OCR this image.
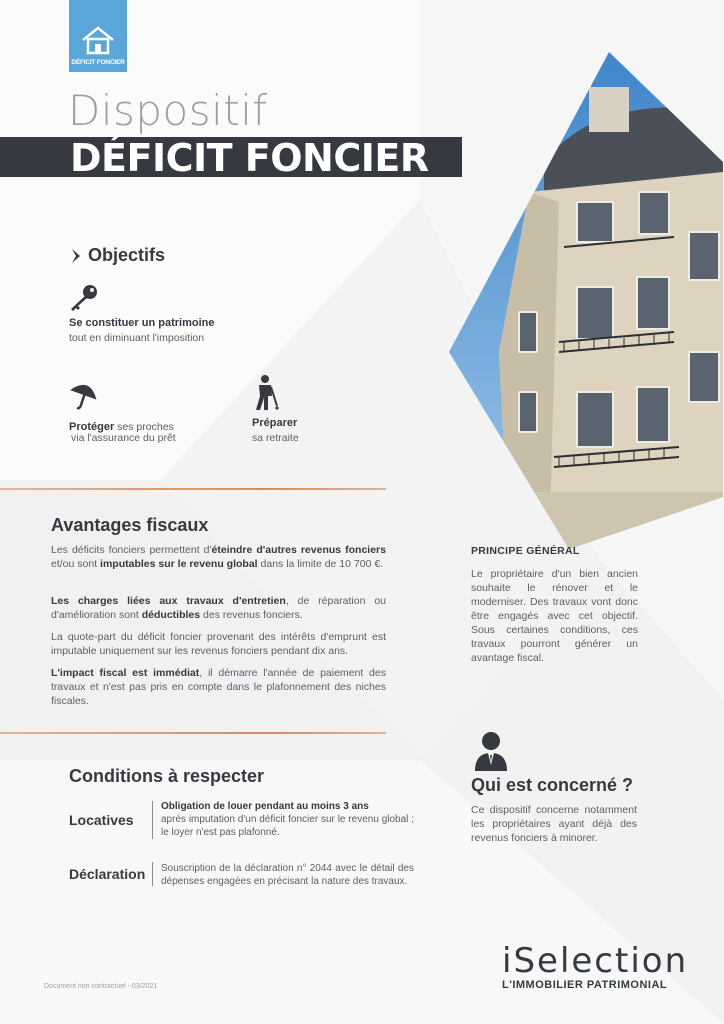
DÉFICIT FONCIER
Dispositif
DÉFICIT FONCIER
Objectifs
Se constituer un patrimoine
tout en diminuant l'imposition
Protéger ses proches
via l'assurance du prêt
Préparer
sa retraite
Avantages fiscaux
Les déficits fonciers permettent d'éteindre d'autres revenus fonciers et/ou sont imputables sur le revenu global dans la limite de 10 700 €.
Les charges liées aux travaux d'entretien, de réparation ou d'amélioration sont déductibles des revenus fonciers.
La quote-part du déficit foncier provenant des intérêts d'emprunt est imputable uniquement sur les revenus fonciers pendant dix ans.
L'impact fiscal est immédiat, il démarre l'année de paiement des travaux et n'est pas pris en compte dans le plafonnement des niches fiscales.
PRINCIPE GÉNÉRAL
Le propriétaire d'un bien ancien souhaite le rénover et le moderniser. Des travaux vont donc être engagés avec cet objectif. Sous certaines conditions, ces travaux pourront générer un avantage fiscal.
Conditions à respecter
Locatives
Obligation de louer pendant au moins 3 ans
après imputation d'un déficit foncier sur le revenu global ; le loyer n'est pas plafonné.
Déclaration Souscription de la déclaration n° 2044 avec le détail des dépenses engagées en précisant la nature des travaux.
Qui est concerné ?
Ce dispositif concerne notamment les propriétaires ayant déjà des revenus fonciers à minorer.
Document non contractuel - 03/2021
iSelection
L'IMMOBILIER PATRIMONIAL
